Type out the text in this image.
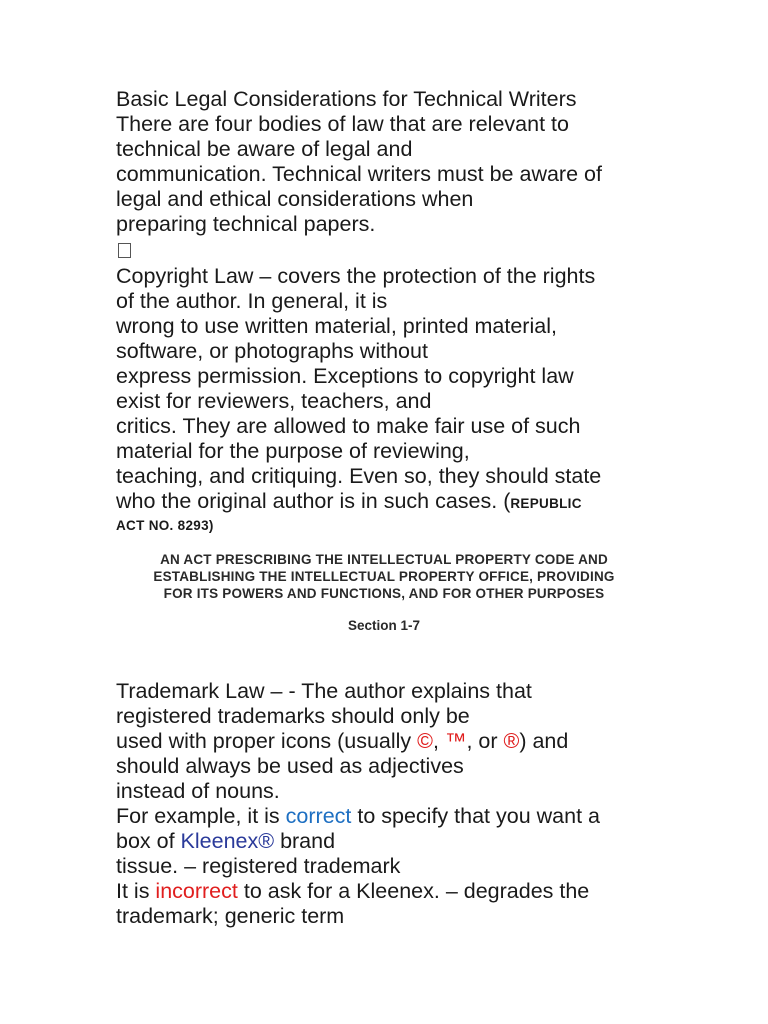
Basic Legal Considerations for Technical Writers
There are four bodies of law that are relevant to
technical be aware of legal and
communication. Technical writers must be aware of
legal and ethical considerations when
preparing technical papers.
Copyright Law – covers the protection of the rights
of the author. In general, it is
wrong to use written material, printed material,
software, or photographs without
express permission. Exceptions to copyright law
exist for reviewers, teachers, and
critics. They are allowed to make fair use of such
material for the purpose of reviewing,
teaching, and critiquing. Even so, they should state
who the original author is in such cases. (REPUBLIC
ACT NO. 8293)
AN ACT PRESCRIBING THE INTELLECTUAL PROPERTY CODE AND
ESTABLISHING THE INTELLECTUAL PROPERTY OFFICE, PROVIDING
FOR ITS POWERS AND FUNCTIONS, AND FOR OTHER PURPOSES
Section 1-7
Trademark Law – - The author explains that
registered trademarks should only be
used with proper icons (usually ©, ™, or ®) and
should always be used as adjectives
instead of nouns.
For example, it is correct to specify that you want a
box of Kleenex® brand
tissue. – registered trademark
It is incorrect to ask for a Kleenex. – degrades the
trademark; generic term
